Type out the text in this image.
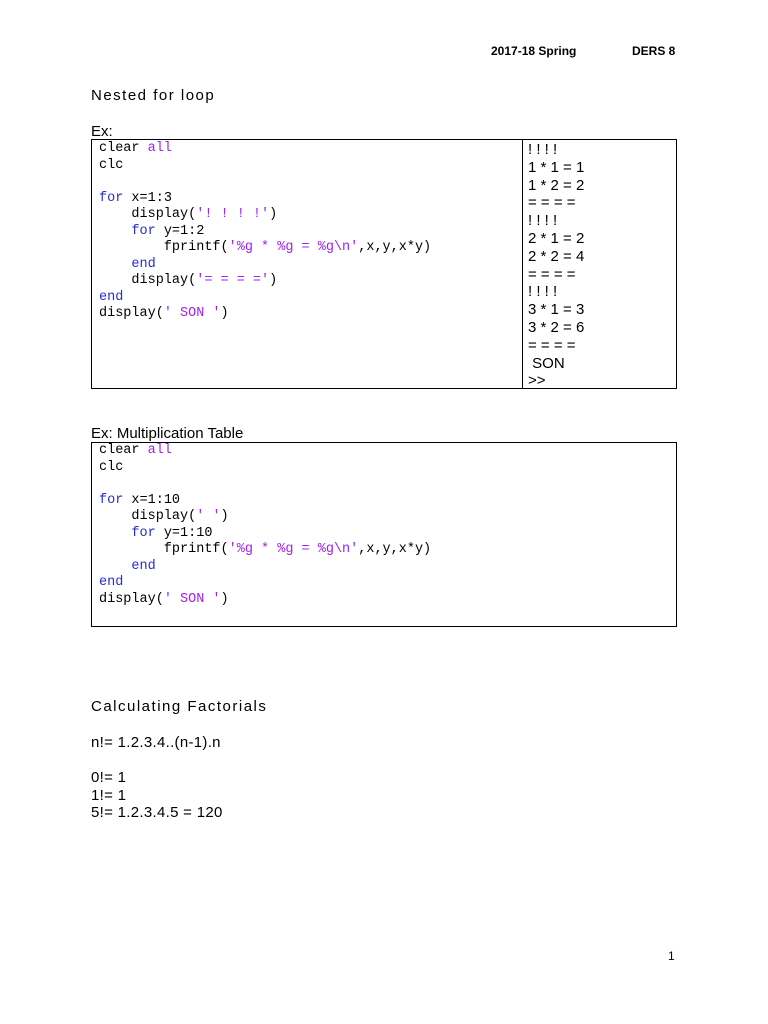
2017-18 Spring	DERS 8
Nested for loop
Ex:
clear all
clc
for x=1:3
display('! ! ! !')
for y=1:2
fprintf('%g * %g = %g\n',x,y,x*y)
end
display('= = = =')
end
display(' SON ')
! ! ! !
1 * 1 = 1
1 * 2 = 2
= = = =
! ! ! !
2 * 1 = 2
2 * 2 = 4
= = = =
! ! ! !
3 * 1 = 3
3 * 2 = 6
= = = =
SON
>>
Ex: Multiplication Table
clear all
clc
for x=1:10
display(' ')
for y=1:10
fprintf('%g * %g = %g\n',x,y,x*y)
end
end
display(' SON ')
Calculating Factorials
n!= 1.2.3.4..(n-1).n
0!= 1
1!= 1
5!= 1.2.3.4.5 = 120
1
